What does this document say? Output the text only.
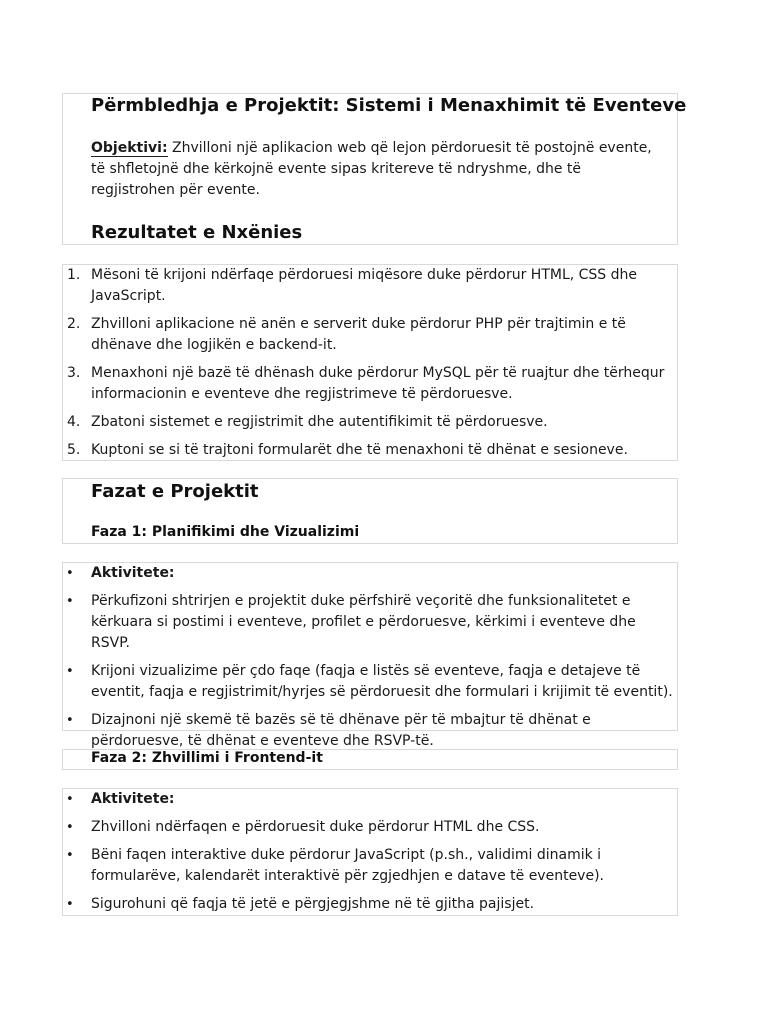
Përmbledhja e Projektit: Sistemi i Menaxhimit të Eventeve

Objektivi: Zhvilloni një aplikacion web që lejon përdoruesit të postojnë evente, të shfletojnë dhe kërkojnë evente sipas kritereve të ndryshme, dhe të regjistrohen për evente.

Rezultatet e Nxënies
1. Mësoni të krijoni ndërfaqe përdoruesi miqësore duke përdorur HTML, CSS dhe JavaScript.
2. Zhvilloni aplikacione në anën e serverit duke përdorur PHP për trajtimin e të dhënave dhe logjikën e backend-it.
3. Menaxhoni një bazë të dhënash duke përdorur MySQL për të ruajtur dhe tërhequr informacionin e eventeve dhe regjistrimeve të përdoruesve.
4. Zbatoni sistemet e regjistrimit dhe autentifikimit të përdoruesve.
5. Kuptoni se si të trajtoni formularët dhe të menaxhoni të dhënat e sesioneve.
Fazat e Projektit
Faza 1: Planifikimi dhe Vizualizimi
• Aktivitete:
• Përkufizoni shtrirjen e projektit duke përfshirë veçoritë dhe funksionalitetet e kërkuara si postimi i eventeve, profilet e përdoruesve, kërkimi i eventeve dhe RSVP.
• Krijoni vizualizime për çdo faqe (faqja e listës së eventeve, faqja e detajeve të eventit, faqja e regjistrimit/hyrjes së përdoruesit dhe formulari i krijimit të eventit).
• Dizajnoni një skemë të bazës së të dhënave për të mbajtur të dhënat e përdoruesve, të dhënat e eventeve dhe RSVP-të.
Faza 2: Zhvillimi i Frontend-it
• Aktivitete:
• Zhvilloni ndërfaqen e përdoruesit duke përdorur HTML dhe CSS.
• Bëni faqen interaktive duke përdorur JavaScript (p.sh., validimi dinamik i formularëve, kalendarët interaktivë për zgjedhjen e datave të eventeve).
• Sigurohuni që faqja të jetë e përgjegjshme në të gjitha pajisjet.
